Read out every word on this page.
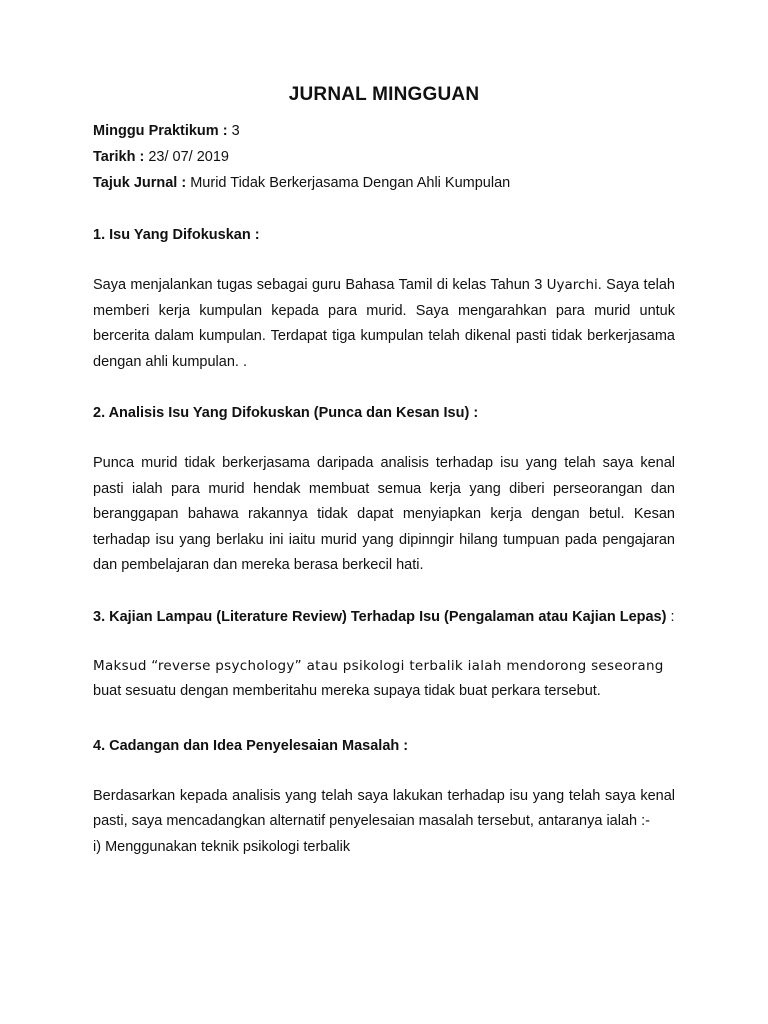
JURNAL MINGGUAN
Minggu Praktikum : 3
Tarikh : 23/ 07/ 2019
Tajuk Jurnal : Murid Tidak Berkerjasama Dengan Ahli Kumpulan
1. Isu Yang Difokuskan :
Saya menjalankan tugas sebagai guru Bahasa Tamil di kelas Tahun 3 Uyarchi. Saya telah memberi kerja kumpulan kepada para murid. Saya mengarahkan para murid untuk bercerita dalam kumpulan. Terdapat tiga kumpulan telah dikenal pasti tidak berkerjasama dengan ahli kumpulan. .
2. Analisis Isu Yang Difokuskan (Punca dan Kesan Isu) :
Punca murid tidak berkerjasama daripada analisis terhadap isu yang telah saya kenal pasti ialah para murid hendak membuat semua kerja yang diberi perseorangan dan beranggapan bahawa rakannya tidak dapat menyiapkan kerja dengan betul. Kesan terhadap isu yang berlaku ini iaitu murid yang dipinngir hilang tumpuan pada pengajaran dan pembelajaran dan mereka berasa berkecil hati.
3. Kajian Lampau (Literature Review) Terhadap Isu (Pengalaman atau Kajian Lepas) :
Maksud “reverse psychology” atau psikologi terbalik ialah mendorong seseorang
buat sesuatu dengan memberitahu mereka supaya tidak buat perkara tersebut.
4. Cadangan dan Idea Penyelesaian Masalah :
Berdasarkan kepada analisis yang telah saya lakukan terhadap isu yang telah saya kenal pasti, saya mencadangkan alternatif penyelesaian masalah tersebut, antaranya ialah :-
i) Menggunakan teknik psikologi terbalik
